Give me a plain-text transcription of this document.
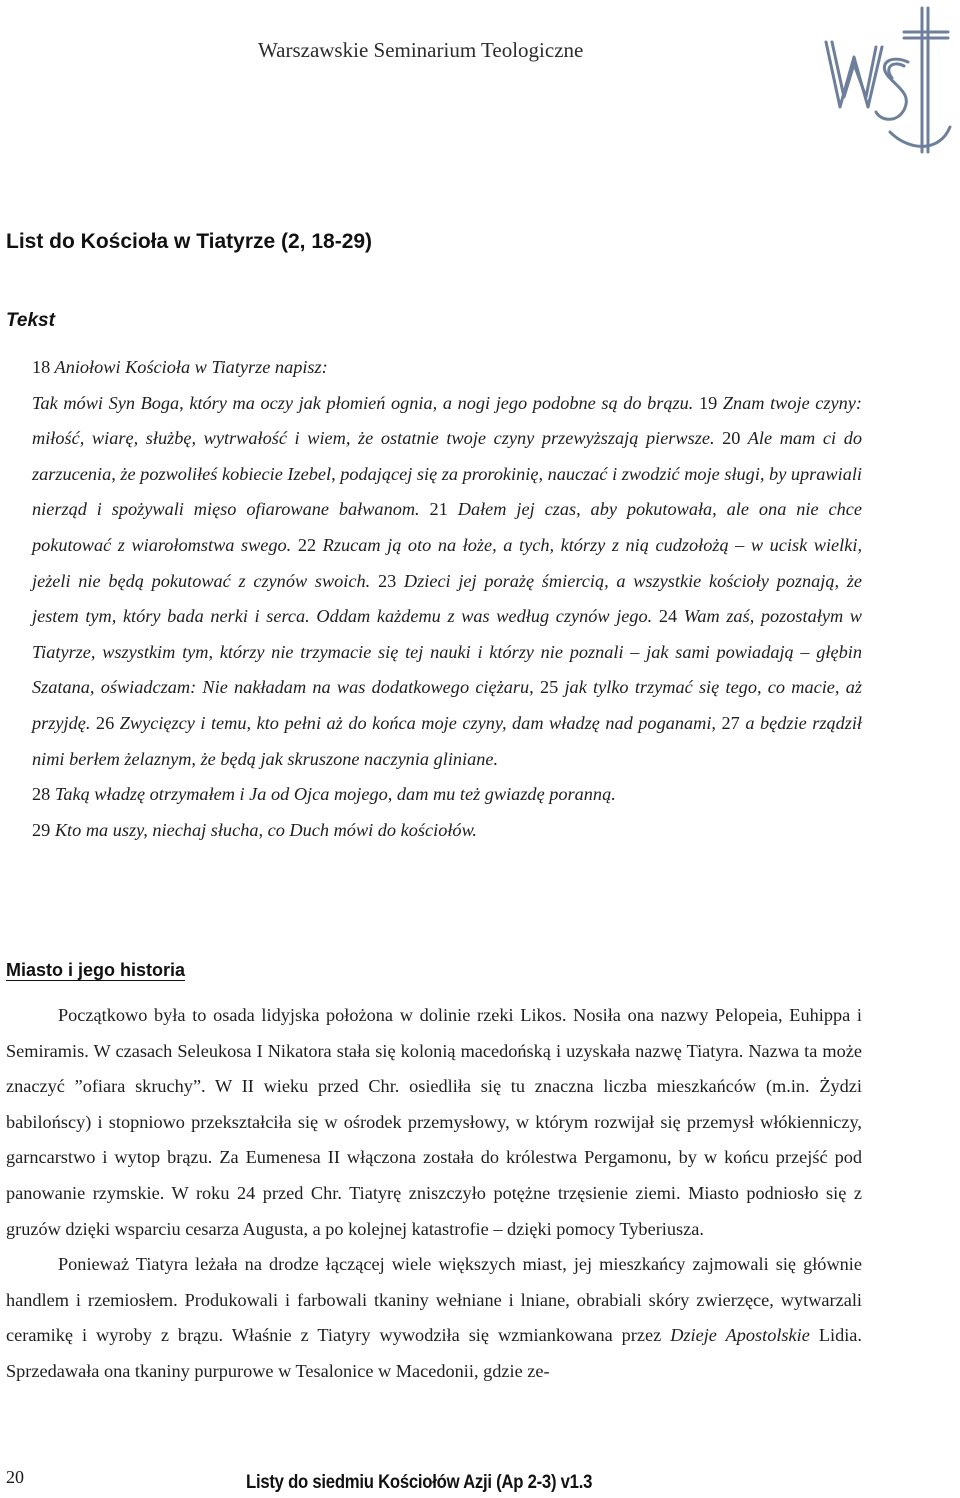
Warszawskie Seminarium Teologiczne
List do Kościoła w Tiatyrze (2, 18-29)
Tekst

18 Aniołowi Kościoła w Tiatyrze napisz:

Tak mówi Syn Boga, który ma oczy jak płomień ognia, a nogi jego podobne są do brązu. 19 Znam twoje czyny: miłość, wiarę, służbę, wytrwałość i wiem, że ostatnie twoje czyny przewyższają pierwsze. 20 Ale mam ci do zarzucenia, że pozwoliłeś kobiecie Izebel, podającej się za prorokinię, nauczać i zwodzić moje sługi, by uprawiali nierząd i spożywali mięso ofiarowane bałwanom. 21 Dałem jej czas, aby pokutowała, ale ona nie chce pokutować z wiarołomstwa swego. 22 Rzucam ją oto na łoże, a tych, którzy z nią cudzołożą – w ucisk wielki, jeżeli nie będą pokutować z czynów swoich. 23 Dzieci jej porażę śmiercią, a wszystkie kościoły poznają, że jestem tym, który bada nerki i serca. Oddam każdemu z was według czynów jego. 24 Wam zaś, pozostałym w Tiatyrze, wszystkim tym, którzy nie trzymacie się tej nauki i którzy nie poznali – jak sami powiadają – głębin Szatana, oświadczam: Nie nakładam na was dodatkowego ciężaru, 25 jak tylko trzymać się tego, co macie, aż przyjdę. 26 Zwycięzcy i temu, kto pełni aż do końca moje czyny, dam władzę nad poganami, 27 a będzie rządził nimi berłem żelaznym, że będą jak skruszone naczynia gliniane.

28 Taką władzę otrzymałem i Ja od Ojca mojego, dam mu też gwiazdę poranną.

29 Kto ma uszy, niechaj słucha, co Duch mówi do kościołów.

Miasto i jego historia

Początkowo była to osada lidyjska położona w dolinie rzeki Likos. Nosiła ona nazwy Pelopeia, Euhippa i Semiramis. W czasach Seleukosa I Nikatora stała się kolonią macedońską i uzyskała nazwę Tiatyra. Nazwa ta może znaczyć ”ofiara skruchy”. W II wieku przed Chr. osiedliła się tu znaczna liczba mieszkańców (m.in. Żydzi babilońscy) i stopniowo przekształciła się w ośrodek przemysłowy, w którym rozwijał się przemysł włókienniczy, garncarstwo i wytop brązu. Za Eumenesa II włączona została do królestwa Pergamonu, by w końcu przejść pod panowanie rzymskie. W roku 24 przed Chr. Tiatyrę zniszczyło potężne trzęsienie ziemi. Miasto podniosło się z gruzów dzięki wsparciu cesarza Augusta, a po kolejnej katastrofie – dzięki pomocy Tyberiusza.

Ponieważ Tiatyra leżała na drodze łączącej wiele większych miast, jej mieszkańcy zajmowali się głównie handlem i rzemiosłem. Produkowali i farbowali tkaniny wełniane i lniane, obrabiali skóry zwierzęce, wytwarzali ceramikę i wyroby z brązu. Właśnie z Tiatyry wywodziła się wzmiankowana przez Dzieje Apostolskie Lidia. Sprzedawała ona tkaniny purpurowe w Tesalonice w Macedonii, gdzie ze-

20	Listy do siedmiu Kościołów Azji (Ap 2-3) v1.3
